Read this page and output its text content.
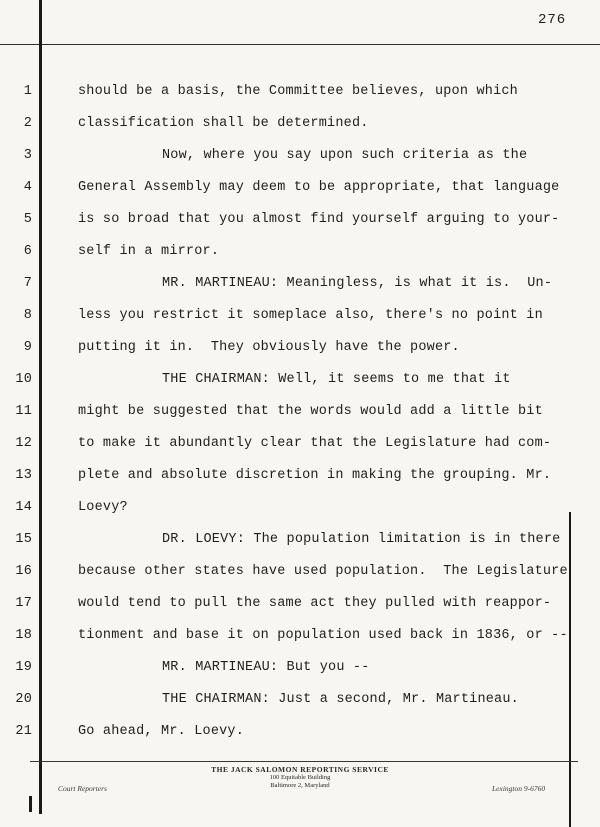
276
1	should be a basis, the Committee believes, upon which
2	classification shall be determined.
3	Now, where you say upon such criteria as the
4	General Assembly may deem to be appropriate, that language
5	is so broad that you almost find yourself arguing to your-
6	self in a mirror.
7	MR. MARTINEAU: Meaningless, is what it is.  Un-
8	less you restrict it someplace also, there's no point in
9	putting it in.  They obviously have the power.
10	THE CHAIRMAN: Well, it seems to me that it
11	might be suggested that the words would add a little bit
12	to make it abundantly clear that the Legislature had com-
13	plete and absolute discretion in making the grouping. Mr.
14	Loevy?
15	DR. LOEVY: The population limitation is in there
16	because other states have used population.  The Legislature
17	would tend to pull the same act they pulled with reappor-
18	tionment and base it on population used back in 1836, or --
19	MR. MARTINEAU: But you --
20	THE CHAIRMAN: Just a second, Mr. Martineau.
21	Go ahead, Mr. Loevy.
THE JACK SALOMON REPORTING SERVICE
100 Equitable Building
Baltimore 2, Maryland
Court Reporters	Lexington 9-6760
